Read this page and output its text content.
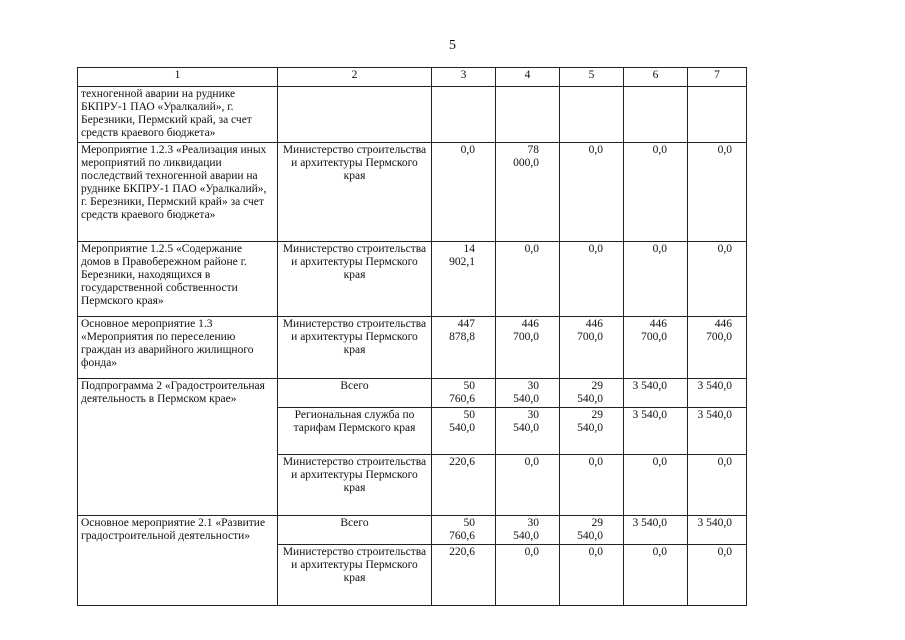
5
1	2	3	4	5	6	7
техногенной аварии на руднике БКПРУ-1 ПАО «Уралкалий», г. Березники, Пермский край, за счет средств краевого бюджета»						
Мероприятие 1.2.3 «Реализация иных мероприятий по ликвидации последствий техногенной аварии на руднике БКПРУ-1 ПАО «Уралкалий», г. Березники, Пермский край» за счет средств краевого бюджета»	Министерство строительства и архитектуры Пермского края	0,0	78 000,0	0,0	0,0	0,0
Мероприятие 1.2.5 «Содержание домов в Правобережном районе г. Березники, находящихся в государственной собственности Пермского края»	Министерство строительства и архитектуры Пермского края	14 902,1	0,0	0,0	0,0	0,0
Основное мероприятие 1.3 «Мероприятия по переселению граждан из аварийного жилищного фонда»	Министерство строительства и архитектуры Пермского края	447 878,8	446 700,0	446 700,0	446 700,0	446 700,0
Подпрограмма 2 «Градостроительная деятельность в Пермском крае»	Всего	50 760,6	30 540,0	29 540,0	3 540,0	3 540,0
	Региональная служба по тарифам Пермского края	50 540,0	30 540,0	29 540,0	3 540,0	3 540,0
	Министерство строительства и архитектуры Пермского края	220,6	0,0	0,0	0,0	0,0
Основное мероприятие 2.1 «Развитие градостроительной деятельности»	Всего	50 760,6	30 540,0	29 540,0	3 540,0	3 540,0
	Министерство строительства и архитектуры Пермского края	220,6	0,0	0,0	0,0	0,0
